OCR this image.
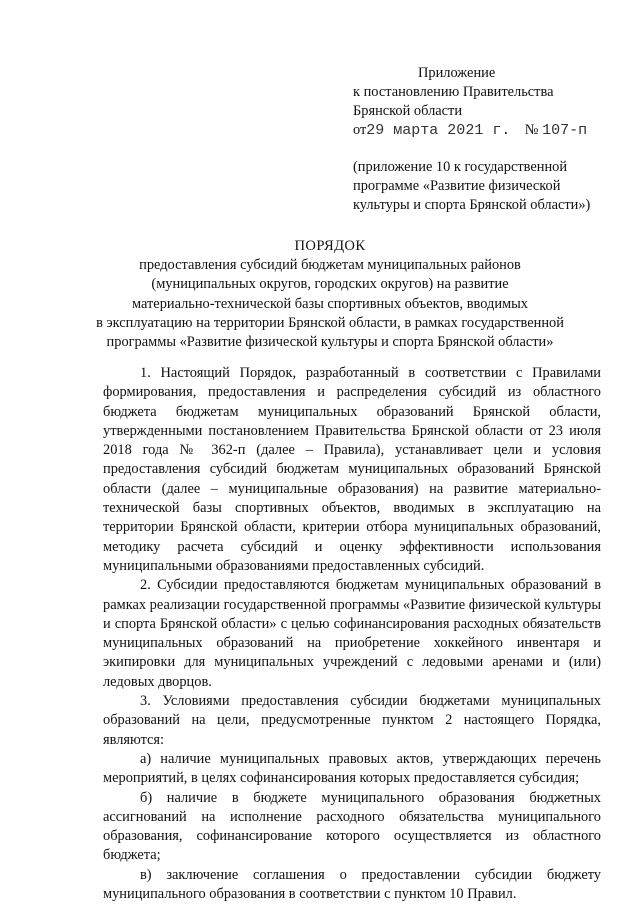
Приложение
к постановлению Правительства
Брянской области
от29 марта 2021 г. № 107-п
(приложение 10 к государственной
программе «Развитие физической
культуры и спорта Брянской области»)
ПОРЯДОК
предоставления субсидий бюджетам муниципальных районов
(муниципальных округов, городских округов) на развитие
материально-технической базы спортивных объектов, вводимых
в эксплуатацию на территории Брянской области, в рамках государственной
программы «Развитие физической культуры и спорта Брянской области»

1. Настоящий Порядок, разработанный в соответствии с Правилами формирования, предоставления и распределения субсидий из областного бюджета бюджетам муниципальных образований Брянской области, утвержденными постановлением Правительства Брянской области от 23 июля 2018 года № 362-п (далее – Правила), устанавливает цели и условия предоставления субсидий бюджетам муниципальных образований Брянской области (далее – муниципальные образования) на развитие материально-технической базы спортивных объектов, вводимых в эксплуатацию на территории Брянской области, критерии отбора муниципальных образований, методику расчета субсидий и оценку эффективности использования муниципальными образованиями предоставленных субсидий.

2. Субсидии предоставляются бюджетам муниципальных образований в рамках реализации государственной программы «Развитие физической культуры и спорта Брянской области» с целью софинансирования расходных обязательств муниципальных образований на приобретение хоккейного инвентаря и экипировки для муниципальных учреждений с ледовыми аренами и (или) ледовых дворцов.

3. Условиями предоставления субсидии бюджетами муниципальных образований на цели, предусмотренные пунктом 2 настоящего Порядка, являются:

а) наличие муниципальных правовых актов, утверждающих перечень мероприятий, в целях софинансирования которых предоставляется субсидия;

б) наличие в бюджете муниципального образования бюджетных ассигнований на исполнение расходного обязательства муниципального образования, софинансирование которого осуществляется из областного бюджета;

в) заключение соглашения о предоставлении субсидии бюджету муниципального образования в соответствии с пунктом 10 Правил.
